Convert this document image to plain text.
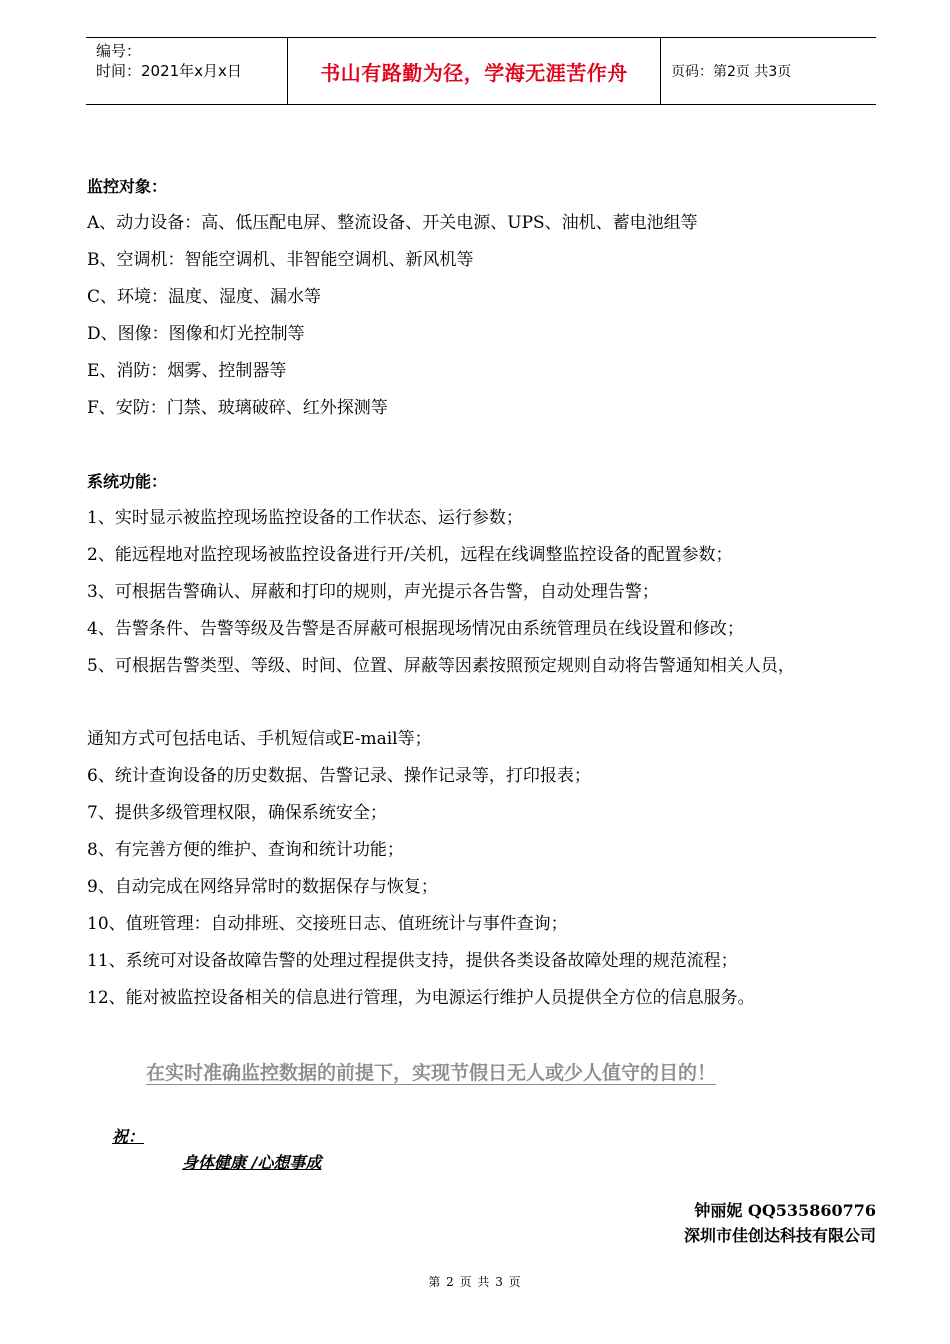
编号：
时间：2021年x月x日	书山有路勤为径，学海无涯苦作舟	页码：第2页 共3页
监控对象：
A、动力设备：高、低压配电屏、整流设备、开关电源、UPS、油机、蓄电池组等
B、空调机：智能空调机、非智能空调机、新风机等
C、环境：温度、湿度、漏水等
D、图像：图像和灯光控制等
E、消防：烟雾、控制器等
F、安防：门禁、玻璃破碎、红外探测等
系统功能：
1、实时显示被监控现场监控设备的工作状态、运行参数；
2、能远程地对监控现场被监控设备进行开/关机，远程在线调整监控设备的配置参数；
3、可根据告警确认、屏蔽和打印的规则，声光提示各告警，自动处理告警；
4、告警条件、告警等级及告警是否屏蔽可根据现场情况由系统管理员在线设置和修改；
5、可根据告警类型、等级、时间、位置、屏蔽等因素按照预定规则自动将告警通知相关人员，
通知方式可包括电话、手机短信或E-mail等；
6、统计查询设备的历史数据、告警记录、操作记录等，打印报表；
7、提供多级管理权限，确保系统安全；
8、有完善方便的维护、查询和统计功能；
9、自动完成在网络异常时的数据保存与恢复；
10、值班管理：自动排班、交接班日志、值班统计与事件查询；
11、系统可对设备故障告警的处理过程提供支持，提供各类设备故障处理的规范流程；
12、能对被监控设备相关的信息进行管理，为电源运行维护人员提供全方位的信息服务。
在实时准确监控数据的前提下，实现节假日无人或少人值守的目的！
祝：
身体健康 /心想事成
钟丽妮 QQ535860776
深圳市佳创达科技有限公司
第 2 页 共 3 页
